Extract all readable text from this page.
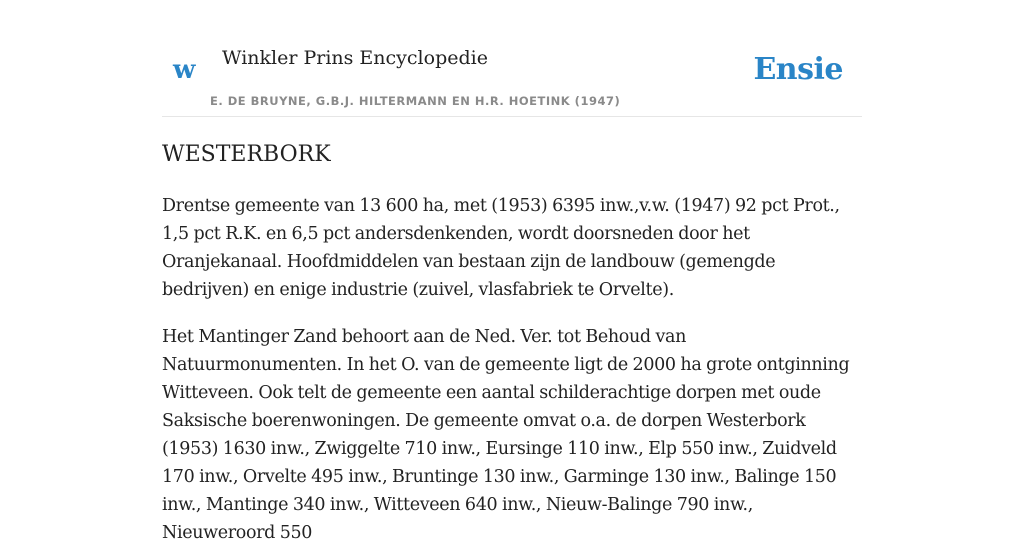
w Winkler Prins Encyclopedie
E. DE BRUYNE, G.B.J. HILTERMANN EN H.R. HOETINK (1947)
Ensie
WESTERBORK

Drentse gemeente van 13 600 ha, met (1953) 6395 inw.,v.w. (1947) 92 pct Prot., 1,5 pct R.K. en 6,5 pct andersdenkenden, wordt doorsneden door het Oranjekanaal. Hoofdmiddelen van bestaan zijn de landbouw (gemengde bedrijven) en enige industrie (zuivel, vlasfabriek te Orvelte).

Het Mantinger Zand behoort aan de Ned. Ver. tot Behoud van Natuurmonumenten. In het O. van de gemeente ligt de 2000 ha grote ontginning Witteveen. Ook telt de gemeente een aantal schilderachtige dorpen met oude Saksische boerenwoningen. De gemeente omvat o.a. de dorpen Westerbork (1953) 1630 inw., Zwiggelte 710 inw., Eursinge 110 inw., Elp 550 inw., Zuidveld 170 inw., Orvelte 495 inw., Bruntinge 130 inw., Garminge 130 inw., Balinge 150 inw., Mantinge 340 inw., Witteveen 640 inw., Nieuw-Balinge 790 inw., Nieuweroord 550
